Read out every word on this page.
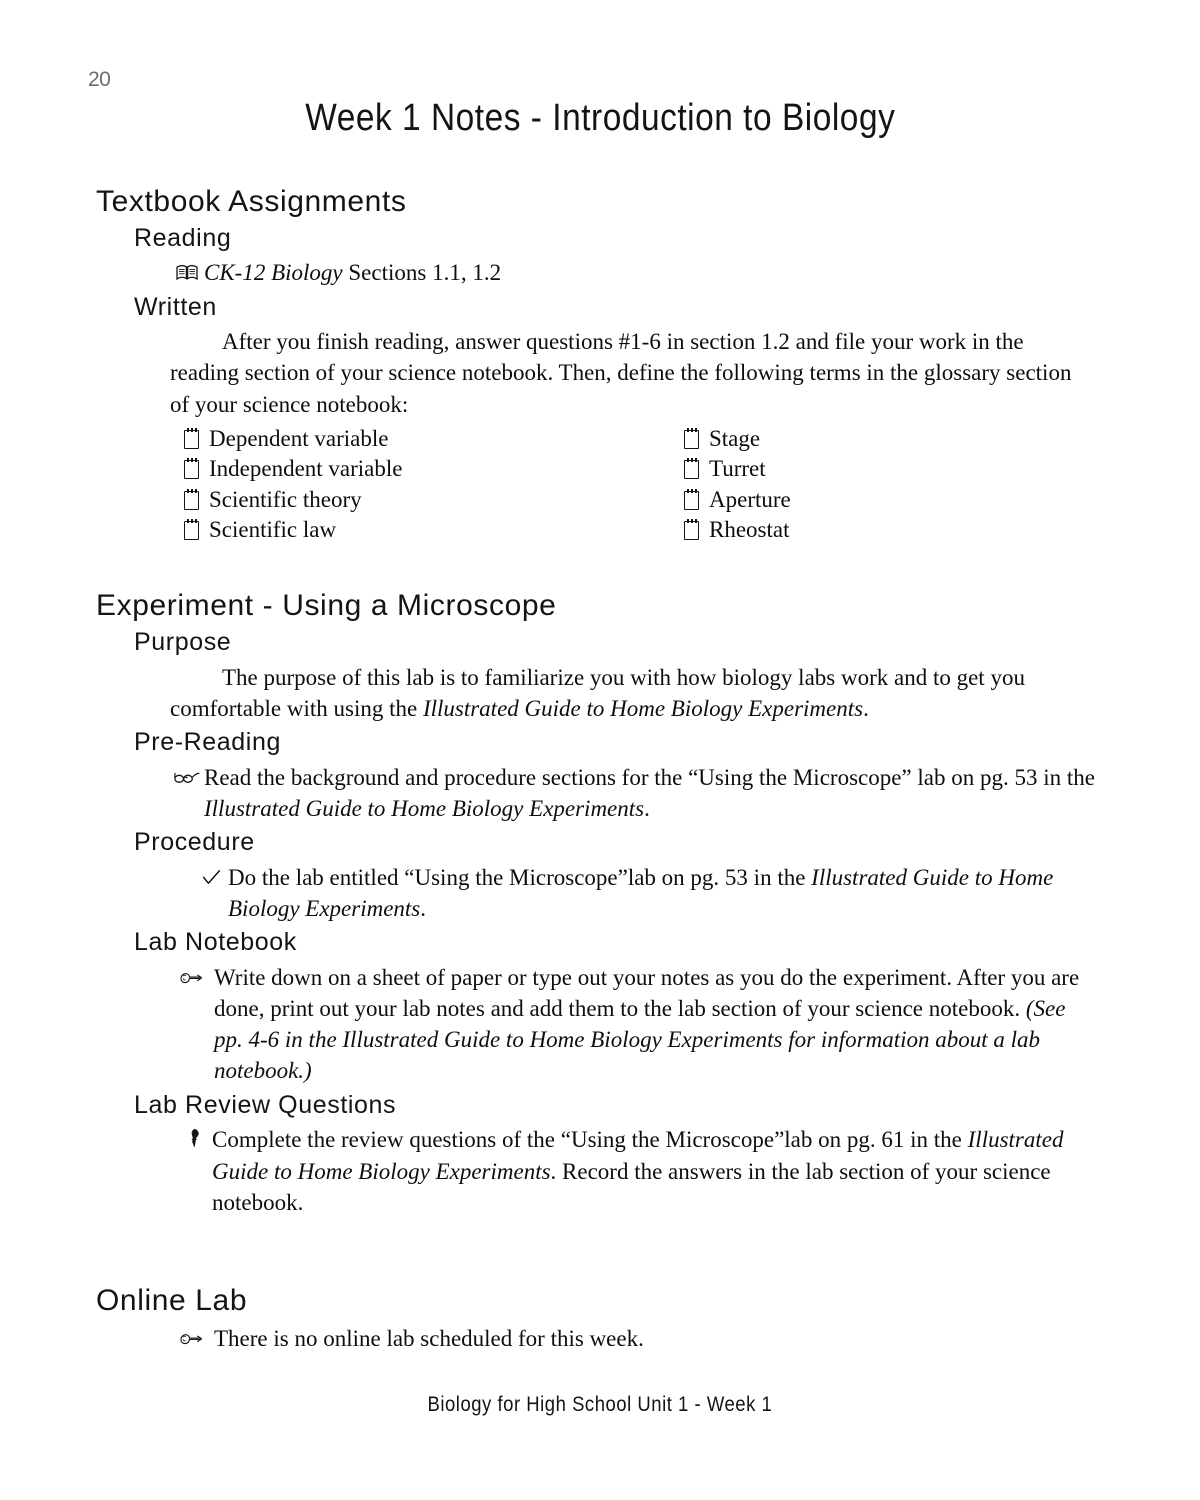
20
Week 1 Notes - Introduction to Biology
Textbook Assignments
Reading
CK-12 Biology Sections 1.1, 1.2
Written

After you finish reading, answer questions #1-6 in section 1.2 and file your work in the reading section of your science notebook. Then, define the following terms in the glossary section of your science notebook:

Dependent variable	Stage
Independent variable	Turret
Scientific theory	Aperture
Scientific law	Rheostat
Experiment - Using a Microscope
Purpose

The purpose of this lab is to familiarize you with how biology labs work and to get you comfortable with using the Illustrated Guide to Home Biology Experiments.

Pre-Reading
Read the background and procedure sections for the “Using the Microscope” lab on pg. 53 in the Illustrated Guide to Home Biology Experiments.
Procedure
Do the lab entitled “Using the Microscope”lab on pg. 53 in the Illustrated Guide to Home Biology Experiments.
Lab Notebook
Write down on a sheet of paper or type out your notes as you do the experiment. After you are done, print out your lab notes and add them to the lab section of your science notebook. (See pp. 4-6 in the Illustrated Guide to Home Biology Experiments for information about a lab notebook.)
Lab Review Questions
Complete the review questions of the “Using the Microscope”lab on pg. 61 in the Illustrated Guide to Home Biology Experiments. Record the answers in the lab section of your science notebook.
Online Lab
There is no online lab scheduled for this week.
Biology for High School Unit 1 - Week 1
